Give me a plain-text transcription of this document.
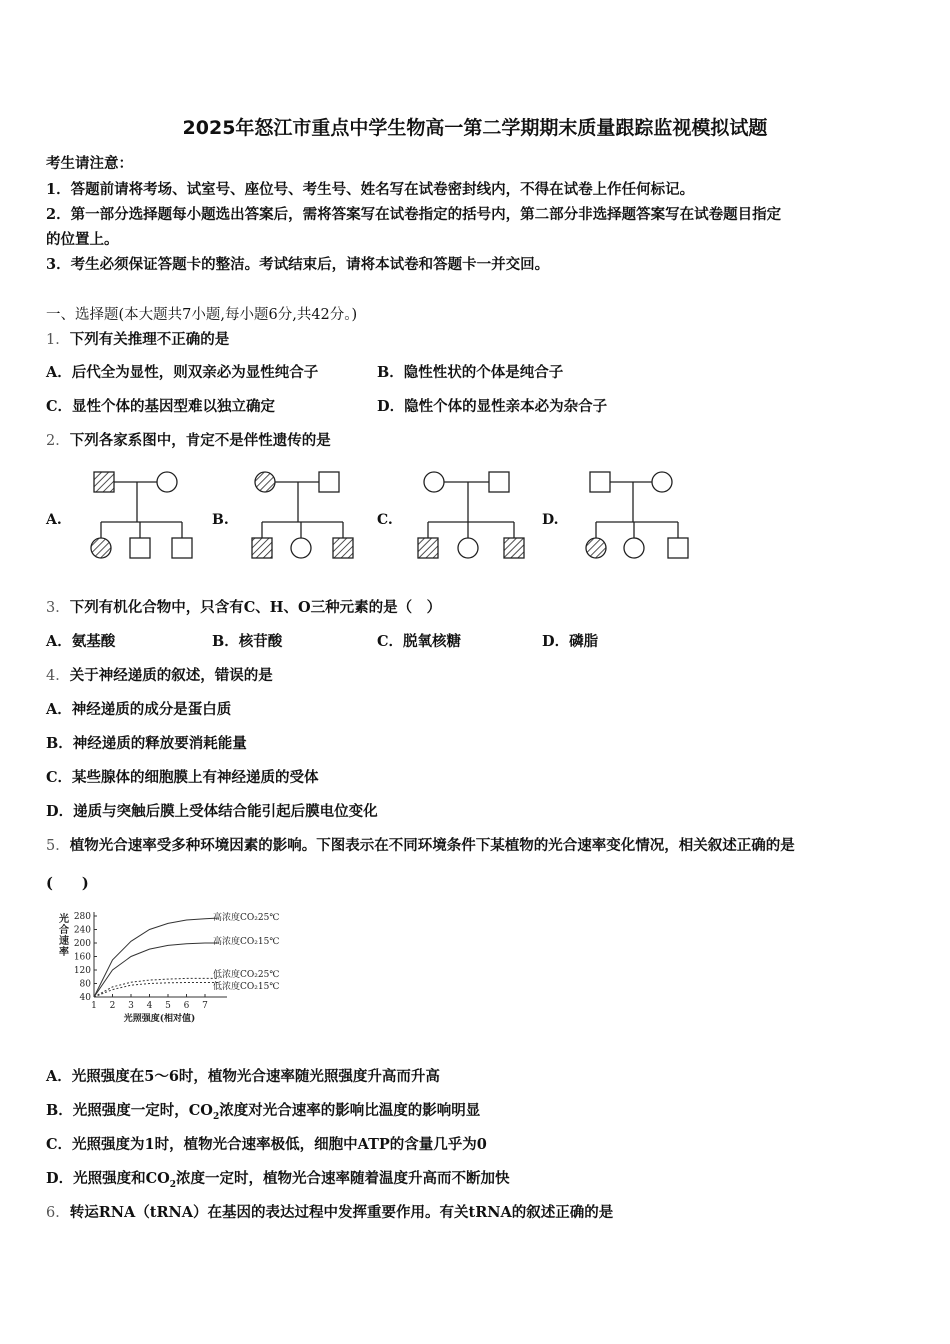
2025年怒江市重点中学生物高一第二学期期末质量跟踪监视模拟试题
考生请注意：
1．答题前请将考场、试室号、座位号、考生号、姓名写在试卷密封线内，不得在试卷上作任何标记。
2．第一部分选择题每小题选出答案后，需将答案写在试卷指定的括号内，第二部分非选择题答案写在试卷题目指定
的位置上。
3．考生必须保证答题卡的整洁。考试结束后，请将本试卷和答题卡一并交回。
一、选择题(本大题共7小题,每小题6分,共42分。)
1．下列有关推理不正确的是
A．后代全为显性，则双亲必为显性纯合子	B．隐性性状的个体是纯合子
C．显性个体的基因型难以独立确定	D．隐性个体的显性亲本必为杂合子
2．下列各家系图中，肯定不是伴性遗传的是
A.	B.	C.	D.
3．下列有机化合物中，只含有C、H、O三种元素的是（　）
A．氨基酸	B．核苷酸	C．脱氧核糖	D．磷脂
4．关于神经递质的叙述，错误的是
A．神经递质的成分是蛋白质
B．神经递质的释放要消耗能量
C．某些腺体的细胞膜上有神经递质的受体
D．递质与突触后膜上受体结合能引起后膜电位变化
5．植物光合速率受多种环境因素的影响。下图表示在不同环境条件下某植物的光合速率变化情况，相关叙述正确的是
(　　)
40
80
120
160
200
240
280
1 2 3 4 5 6 7
光
合
速
率
光照强度(相对值)
高浓度CO₂25℃
高浓度CO₂15℃
低浓度CO₂25℃
低浓度CO₂15℃
A．光照强度在5～6时，植物光合速率随光照强度升高而升高
B．光照强度一定时，$CO_2$浓度对光合速率的影响比温度的影响明显
C．光照强度为1时，植物光合速率极低，细胞中ATP的含量几乎为0
D．光照强度和$CO_2$浓度一定时，植物光合速率随着温度升高而不断加快
6．转运RNA（tRNA）在基因的表达过程中发挥重要作用。有关tRNA的叙述正确的是
